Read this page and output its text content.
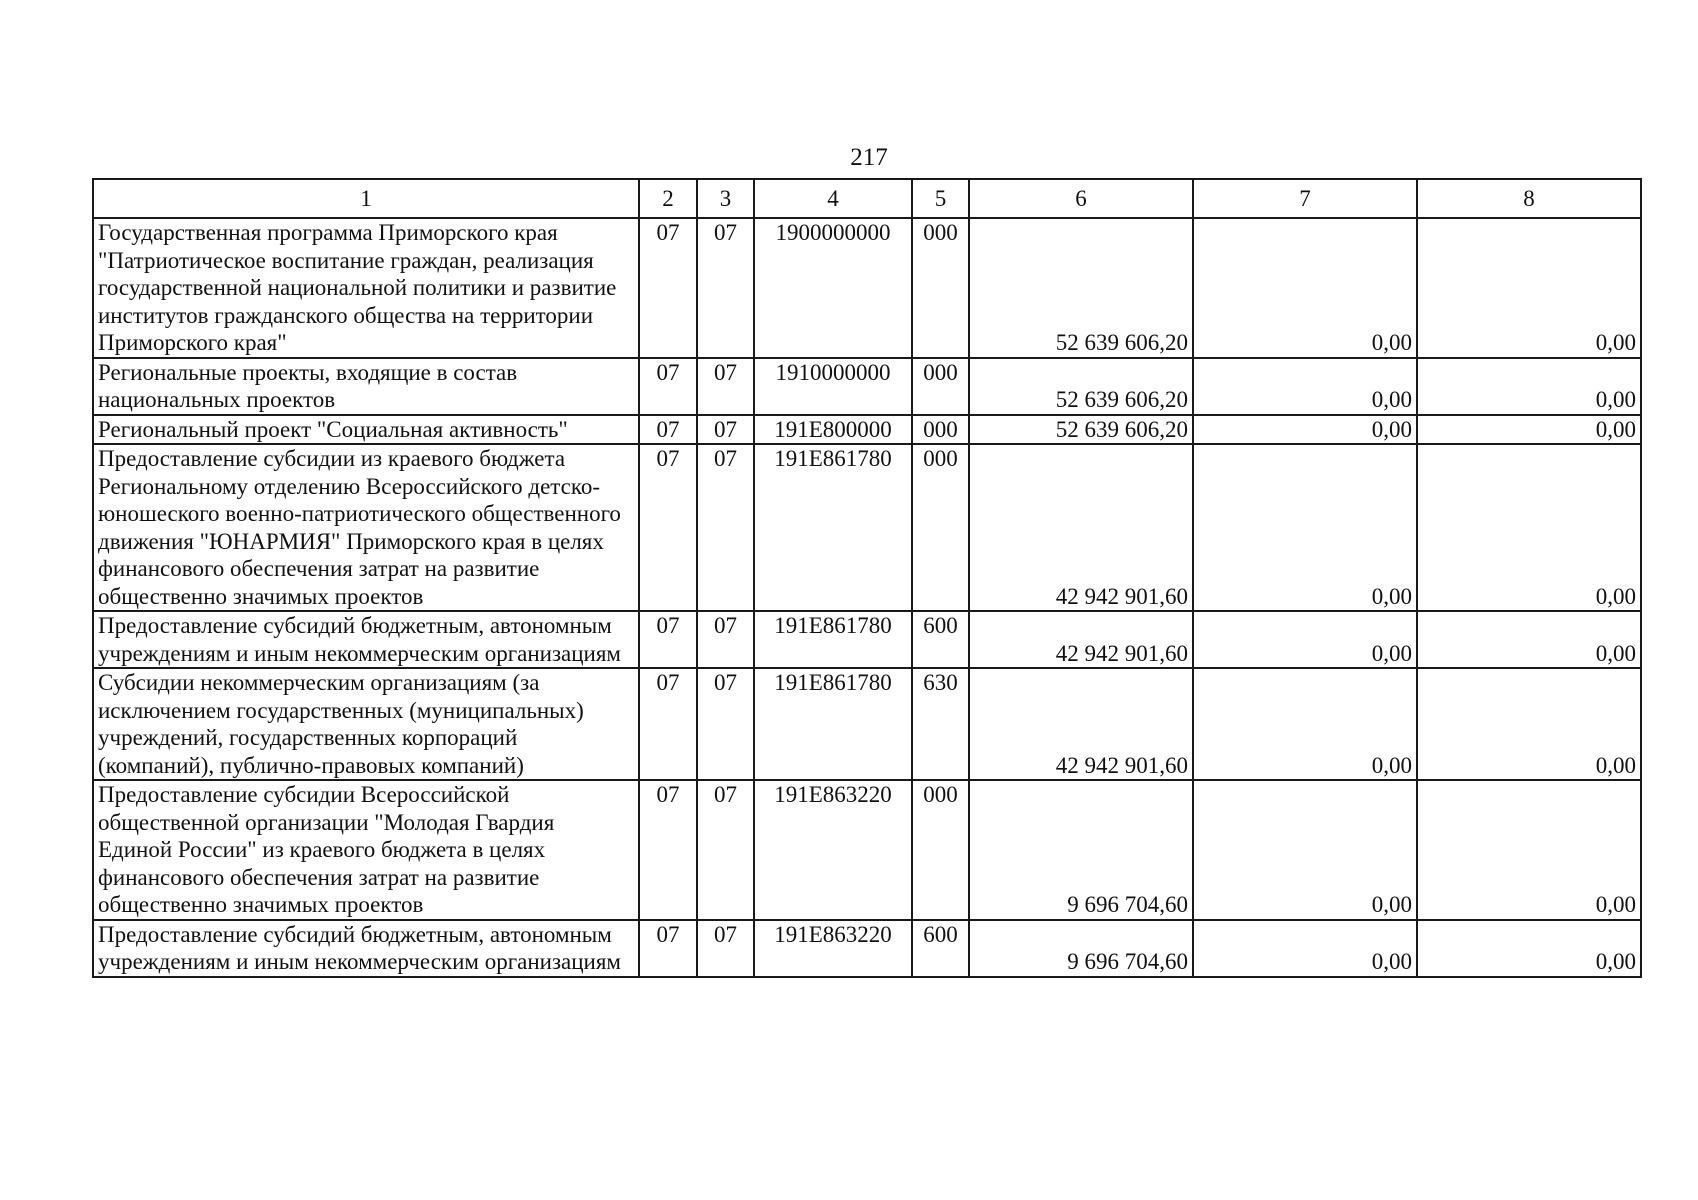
217
1	2	3	4	5	6	7	8
Государственная программа Приморского края "Патриотическое воспитание граждан, реализация государственной национальной политики и развитие институтов гражданского общества на территории Приморского края"	07	07	1900000000	000	52 639 606,20	0,00	0,00
Региональные проекты, входящие в состав национальных проектов	07	07	1910000000	000	52 639 606,20	0,00	0,00
Региональный проект "Социальная активность"	07	07	191E800000	000	52 639 606,20	0,00	0,00
Предоставление субсидии из краевого бюджета Региональному отделению Всероссийского детско-юношеского военно-патриотического общественного движения "ЮНАРМИЯ" Приморского края в целях финансового обеспечения затрат на развитие общественно значимых проектов	07	07	191E861780	000	42 942 901,60	0,00	0,00
Предоставление субсидий бюджетным, автономным учреждениям и иным некоммерческим организациям	07	07	191E861780	600	42 942 901,60	0,00	0,00
Субсидии некоммерческим организациям (за исключением государственных (муниципальных) учреждений, государственных корпораций (компаний), публично-правовых компаний)	07	07	191E861780	630	42 942 901,60	0,00	0,00
Предоставление субсидии Всероссийской общественной организации "Молодая Гвардия Единой России" из краевого бюджета в целях финансового обеспечения затрат на развитие общественно значимых проектов	07	07	191E863220	000	9 696 704,60	0,00	0,00
Предоставление субсидий бюджетным, автономным учреждениям и иным некоммерческим организациям	07	07	191E863220	600	9 696 704,60	0,00	0,00
